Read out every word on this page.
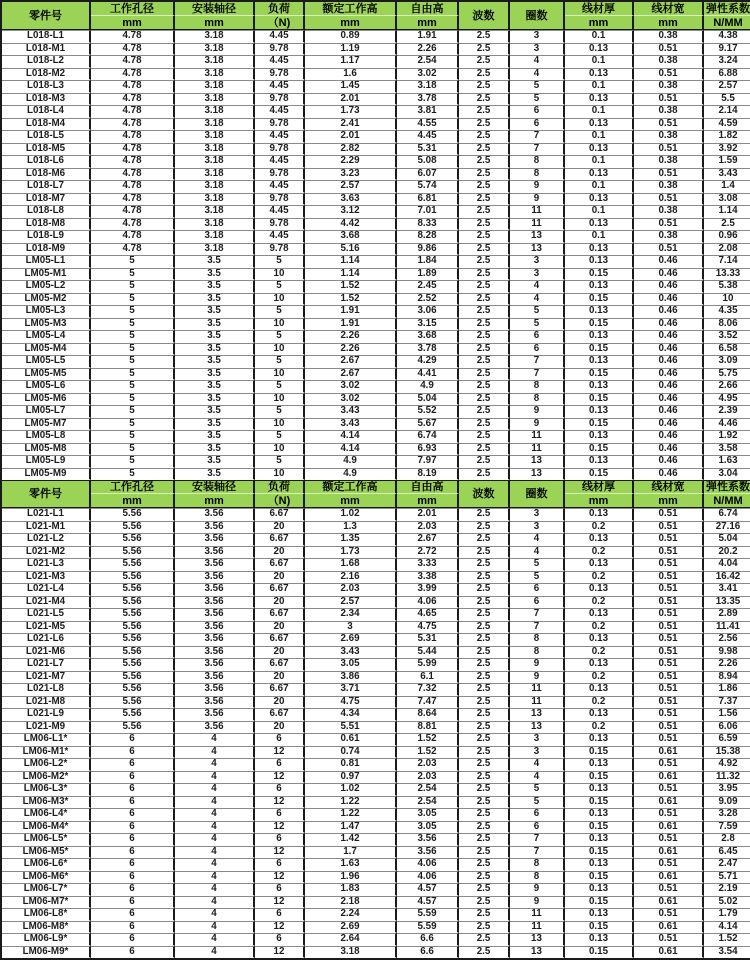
零件号	工作孔径	安装轴径	负荷	额定工作高	自由高	波数	圈数	线材厚	线材宽	弹性系数
	mm	mm	（N)	mm	mm			mm	mm	N/MM
L018-L1	4.78	3.18	4.45	0.89	1.91	2.5	3	0.1	0.38	4.38
L018-M1	4.78	3.18	9.78	1.19	2.26	2.5	3	0.13	0.51	9.17
L018-L2	4.78	3.18	4.45	1.17	2.54	2.5	4	0.1	0.38	3.24
L018-M2	4.78	3.18	9.78	1.6	3.02	2.5	4	0.13	0.51	6.88
L018-L3	4.78	3.18	4.45	1.45	3.18	2.5	5	0.1	0.38	2.57
L018-M3	4.78	3.18	9.78	2.01	3.78	2.5	5	0.13	0.51	5.5
L018-L4	4.78	3.18	4.45	1.73	3.81	2.5	6	0.1	0.38	2.14
L018-M4	4.78	3.18	9.78	2.41	4.55	2.5	6	0.13	0.51	4.59
L018-L5	4.78	3.18	4.45	2.01	4.45	2.5	7	0.1	0.38	1.82
L018-M5	4.78	3.18	9.78	2.82	5.31	2.5	7	0.13	0.51	3.92
L018-L6	4.78	3.18	4.45	2.29	5.08	2.5	8	0.1	0.38	1.59
L018-M6	4.78	3.18	9.78	3.23	6.07	2.5	8	0.13	0.51	3.43
L018-L7	4.78	3.18	4.45	2.57	5.74	2.5	9	0.1	0.38	1.4
L018-M7	4.78	3.18	9.78	3.63	6.81	2.5	9	0.13	0.51	3.08
L018-L8	4.78	3.18	4.45	3.12	7.01	2.5	11	0.1	0.38	1.14
L018-M8	4.78	3.18	9.78	4.42	8.33	2.5	11	0.13	0.51	2.5
L018-L9	4.78	3.18	4.45	3.68	8.28	2.5	13	0.1	0.38	0.96
L018-M9	4.78	3.18	9.78	5.16	9.86	2.5	13	0.13	0.51	2.08
LM05-L1	5	3.5	5	1.14	1.84	2.5	3	0.13	0.46	7.14
LM05-M1	5	3.5	10	1.14	1.89	2.5	3	0.15	0.46	13.33
LM05-L2	5	3.5	5	1.52	2.45	2.5	4	0.13	0.46	5.38
LM05-M2	5	3.5	10	1.52	2.52	2.5	4	0.15	0.46	10
LM05-L3	5	3.5	5	1.91	3.06	2.5	5	0.13	0.46	4.35
LM05-M3	5	3.5	10	1.91	3.15	2.5	5	0.15	0.46	8.06
LM05-L4	5	3.5	5	2.26	3.68	2.5	6	0.13	0.46	3.52
LM05-M4	5	3.5	10	2.26	3.78	2.5	6	0.15	0.46	6.58
LM05-L5	5	3.5	5	2.67	4.29	2.5	7	0.13	0.46	3.09
LM05-M5	5	3.5	10	2.67	4.41	2.5	7	0.15	0.46	5.75
LM05-L6	5	3.5	5	3.02	4.9	2.5	8	0.13	0.46	2.66
LM05-M6	5	3.5	10	3.02	5.04	2.5	8	0.15	0.46	4.95
LM05-L7	5	3.5	5	3.43	5.52	2.5	9	0.13	0.46	2.39
LM05-M7	5	3.5	10	3.43	5.67	2.5	9	0.15	0.46	4.46
LM05-L8	5	3.5	5	4.14	6.74	2.5	11	0.13	0.46	1.92
LM05-M8	5	3.5	10	4.14	6.93	2.5	11	0.15	0.46	3.58
LM05-L9	5	3.5	5	4.9	7.97	2.5	13	0.13	0.46	1.63
LM05-M9	5	3.5	10	4.9	8.19	2.5	13	0.15	0.46	3.04
零件号	工作孔径	安装轴径	负荷	额定工作高	自由高	波数	圈数	线材厚	线材宽	弹性系数
	mm	mm	（N)	mm	mm			mm	mm	N/MM
L021-L1	5.56	3.56	6.67	1.02	2.01	2.5	3	0.13	0.51	6.74
L021-M1	5.56	3.56	20	1.3	2.03	2.5	3	0.2	0.51	27.16
L021-L2	5.56	3.56	6.67	1.35	2.67	2.5	4	0.13	0.51	5.04
L021-M2	5.56	3.56	20	1.73	2.72	2.5	4	0.2	0.51	20.2
L021-L3	5.56	3.56	6.67	1.68	3.33	2.5	5	0.13	0.51	4.04
L021-M3	5.56	3.56	20	2.16	3.38	2.5	5	0.2	0.51	16.42
L021-L4	5.56	3.56	6.67	2.03	3.99	2.5	6	0.13	0.51	3.41
L021-M4	5.56	3.56	20	2.57	4.06	2.5	6	0.2	0.51	13.35
L021-L5	5.56	3.56	6.67	2.34	4.65	2.5	7	0.13	0.51	2.89
L021-M5	5.56	3.56	20	3	4.75	2.5	7	0.2	0.51	11.41
L021-L6	5.56	3.56	6.67	2.69	5.31	2.5	8	0.13	0.51	2.56
L021-M6	5.56	3.56	20	3.43	5.44	2.5	8	0.2	0.51	9.98
L021-L7	5.56	3.56	6.67	3.05	5.99	2.5	9	0.13	0.51	2.26
L021-M7	5.56	3.56	20	3.86	6.1	2.5	9	0.2	0.51	8.94
L021-L8	5.56	3.56	6.67	3.71	7.32	2.5	11	0.13	0.51	1.86
L021-M8	5.56	3.56	20	4.75	7.47	2.5	11	0.2	0.51	7.37
L021-L9	5.56	3.56	6.67	4.34	8.64	2.5	13	0.13	0.51	1.56
L021-M9	5.56	3.56	20	5.51	8.81	2.5	13	0.2	0.51	6.06
LM06-L1*	6	4	6	0.61	1.52	2.5	3	0.13	0.51	6.59
LM06-M1*	6	4	12	0.74	1.52	2.5	3	0.15	0.61	15.38
LM06-L2*	6	4	6	0.81	2.03	2.5	4	0.13	0.51	4.92
LM06-M2*	6	4	12	0.97	2.03	2.5	4	0.15	0.61	11.32
LM06-L3*	6	4	6	1.02	2.54	2.5	5	0.13	0.51	3.95
LM06-M3*	6	4	12	1.22	2.54	2.5	5	0.15	0.61	9.09
LM06-L4*	6	4	6	1.22	3.05	2.5	6	0.13	0.51	3.28
LM06-M4*	6	4	12	1.47	3.05	2.5	6	0.15	0.61	7.59
LM06-L5*	6	4	6	1.42	3.56	2.5	7	0.13	0.51	2.8
LM06-M5*	6	4	12	1.7	3.56	2.5	7	0.15	0.61	6.45
LM06-L6*	6	4	6	1.63	4.06	2.5	8	0.13	0.51	2.47
LM06-M6*	6	4	12	1.96	4.06	2.5	8	0.15	0.61	5.71
LM06-L7*	6	4	6	1.83	4.57	2.5	9	0.13	0.51	2.19
LM06-M7*	6	4	12	2.18	4.57	2.5	9	0.15	0.61	5.02
LM06-L8*	6	4	6	2.24	5.59	2.5	11	0.13	0.51	1.79
LM06-M8*	6	4	12	2.69	5.59	2.5	11	0.15	0.61	4.14
LM06-L9*	6	4	6	2.64	6.6	2.5	13	0.13	0.51	1.52
LM06-M9*	6	4	12	3.18	6.6	2.5	13	0.15	0.61	3.54
